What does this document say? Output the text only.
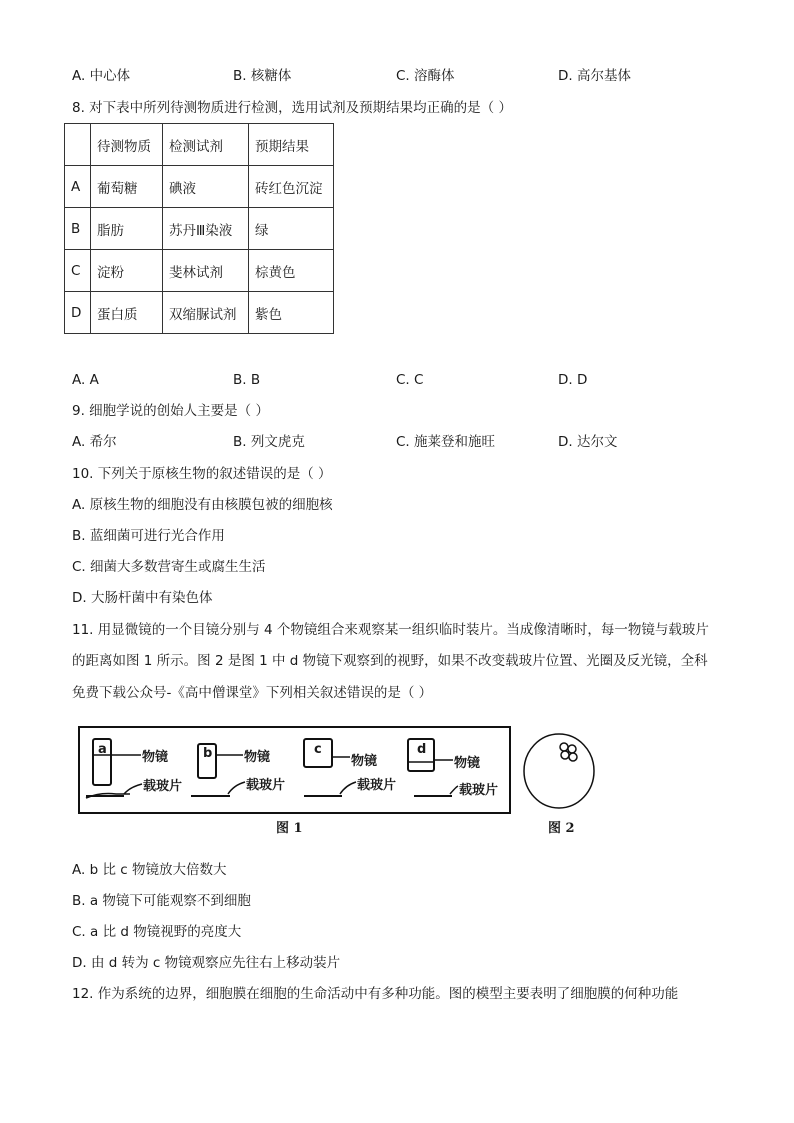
A. 中心体	B. 核糖体	C. 溶酶体	D. 高尔基体
8. 对下表中所列待测物质进行检测，选用试剂及预期结果均正确的是（ ）
	待测物质	检测试剂	预期结果
A	葡萄糖	碘液	砖红色沉淀
B	脂肪	苏丹Ⅲ染液	绿
C	淀粉	斐林试剂	棕黄色
D	蛋白质	双缩脲试剂	紫色
A. A	B. B	C. C	D. D
9. 细胞学说的创始人主要是（ ）
A. 希尔	B. 列文虎克	C. 施莱登和施旺	D. 达尔文
10. 下列关于原核生物的叙述错误的是（ ）
A. 原核生物的细胞没有由核膜包被的细胞核
B. 蓝细菌可进行光合作用
C. 细菌大多数营寄生或腐生生活
D. 大肠杆菌中有染色体
11. 用显微镜的一个目镜分别与 4 个物镜组合来观察某一组织临时装片。当成像清晰时，每一物镜与载玻片
的距离如图 1 所示。图 2 是图 1 中 d 物镜下观察到的视野，如果不改变载玻片位置、光圈及反光镜，全科
免费下载公众号-《高中僧课堂》下列相关叙述错误的是（ ）
a	b	c	d
物镜	物镜	物镜	物镜
载玻片	载玻片	载玻片	载玻片
图 1	图 2
A. b 比 c 物镜放大倍数大
B. a 物镜下可能观察不到细胞
C. a 比 d 物镜视野的亮度大
D. 由 d 转为 c 物镜观察应先往右上移动装片
12. 作为系统的边界，细胞膜在细胞的生命活动中有多种功能。图的模型主要表明了细胞膜的何种功能
